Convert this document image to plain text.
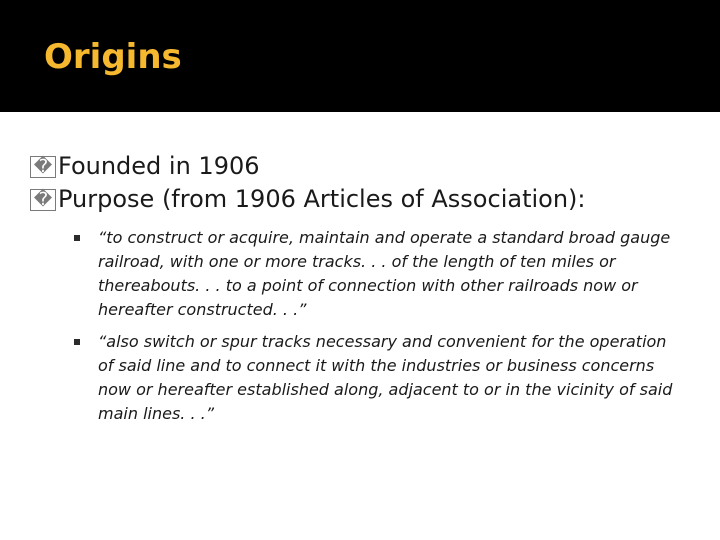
Origins

� Founded in 1906

� Purpose (from 1906 Articles of Association):

“to construct or acquire, maintain and operate a standard broad gauge railroad, with one or more tracks. . . of the length of ten miles or thereabouts. . . to a point of connection with other railroads now or hereafter constructed. . .”
“also switch or spur tracks necessary and convenient for the operation of said line and to connect it with the industries or business concerns now or hereafter established along, adjacent to or in the vicinity of said main lines. . .”
